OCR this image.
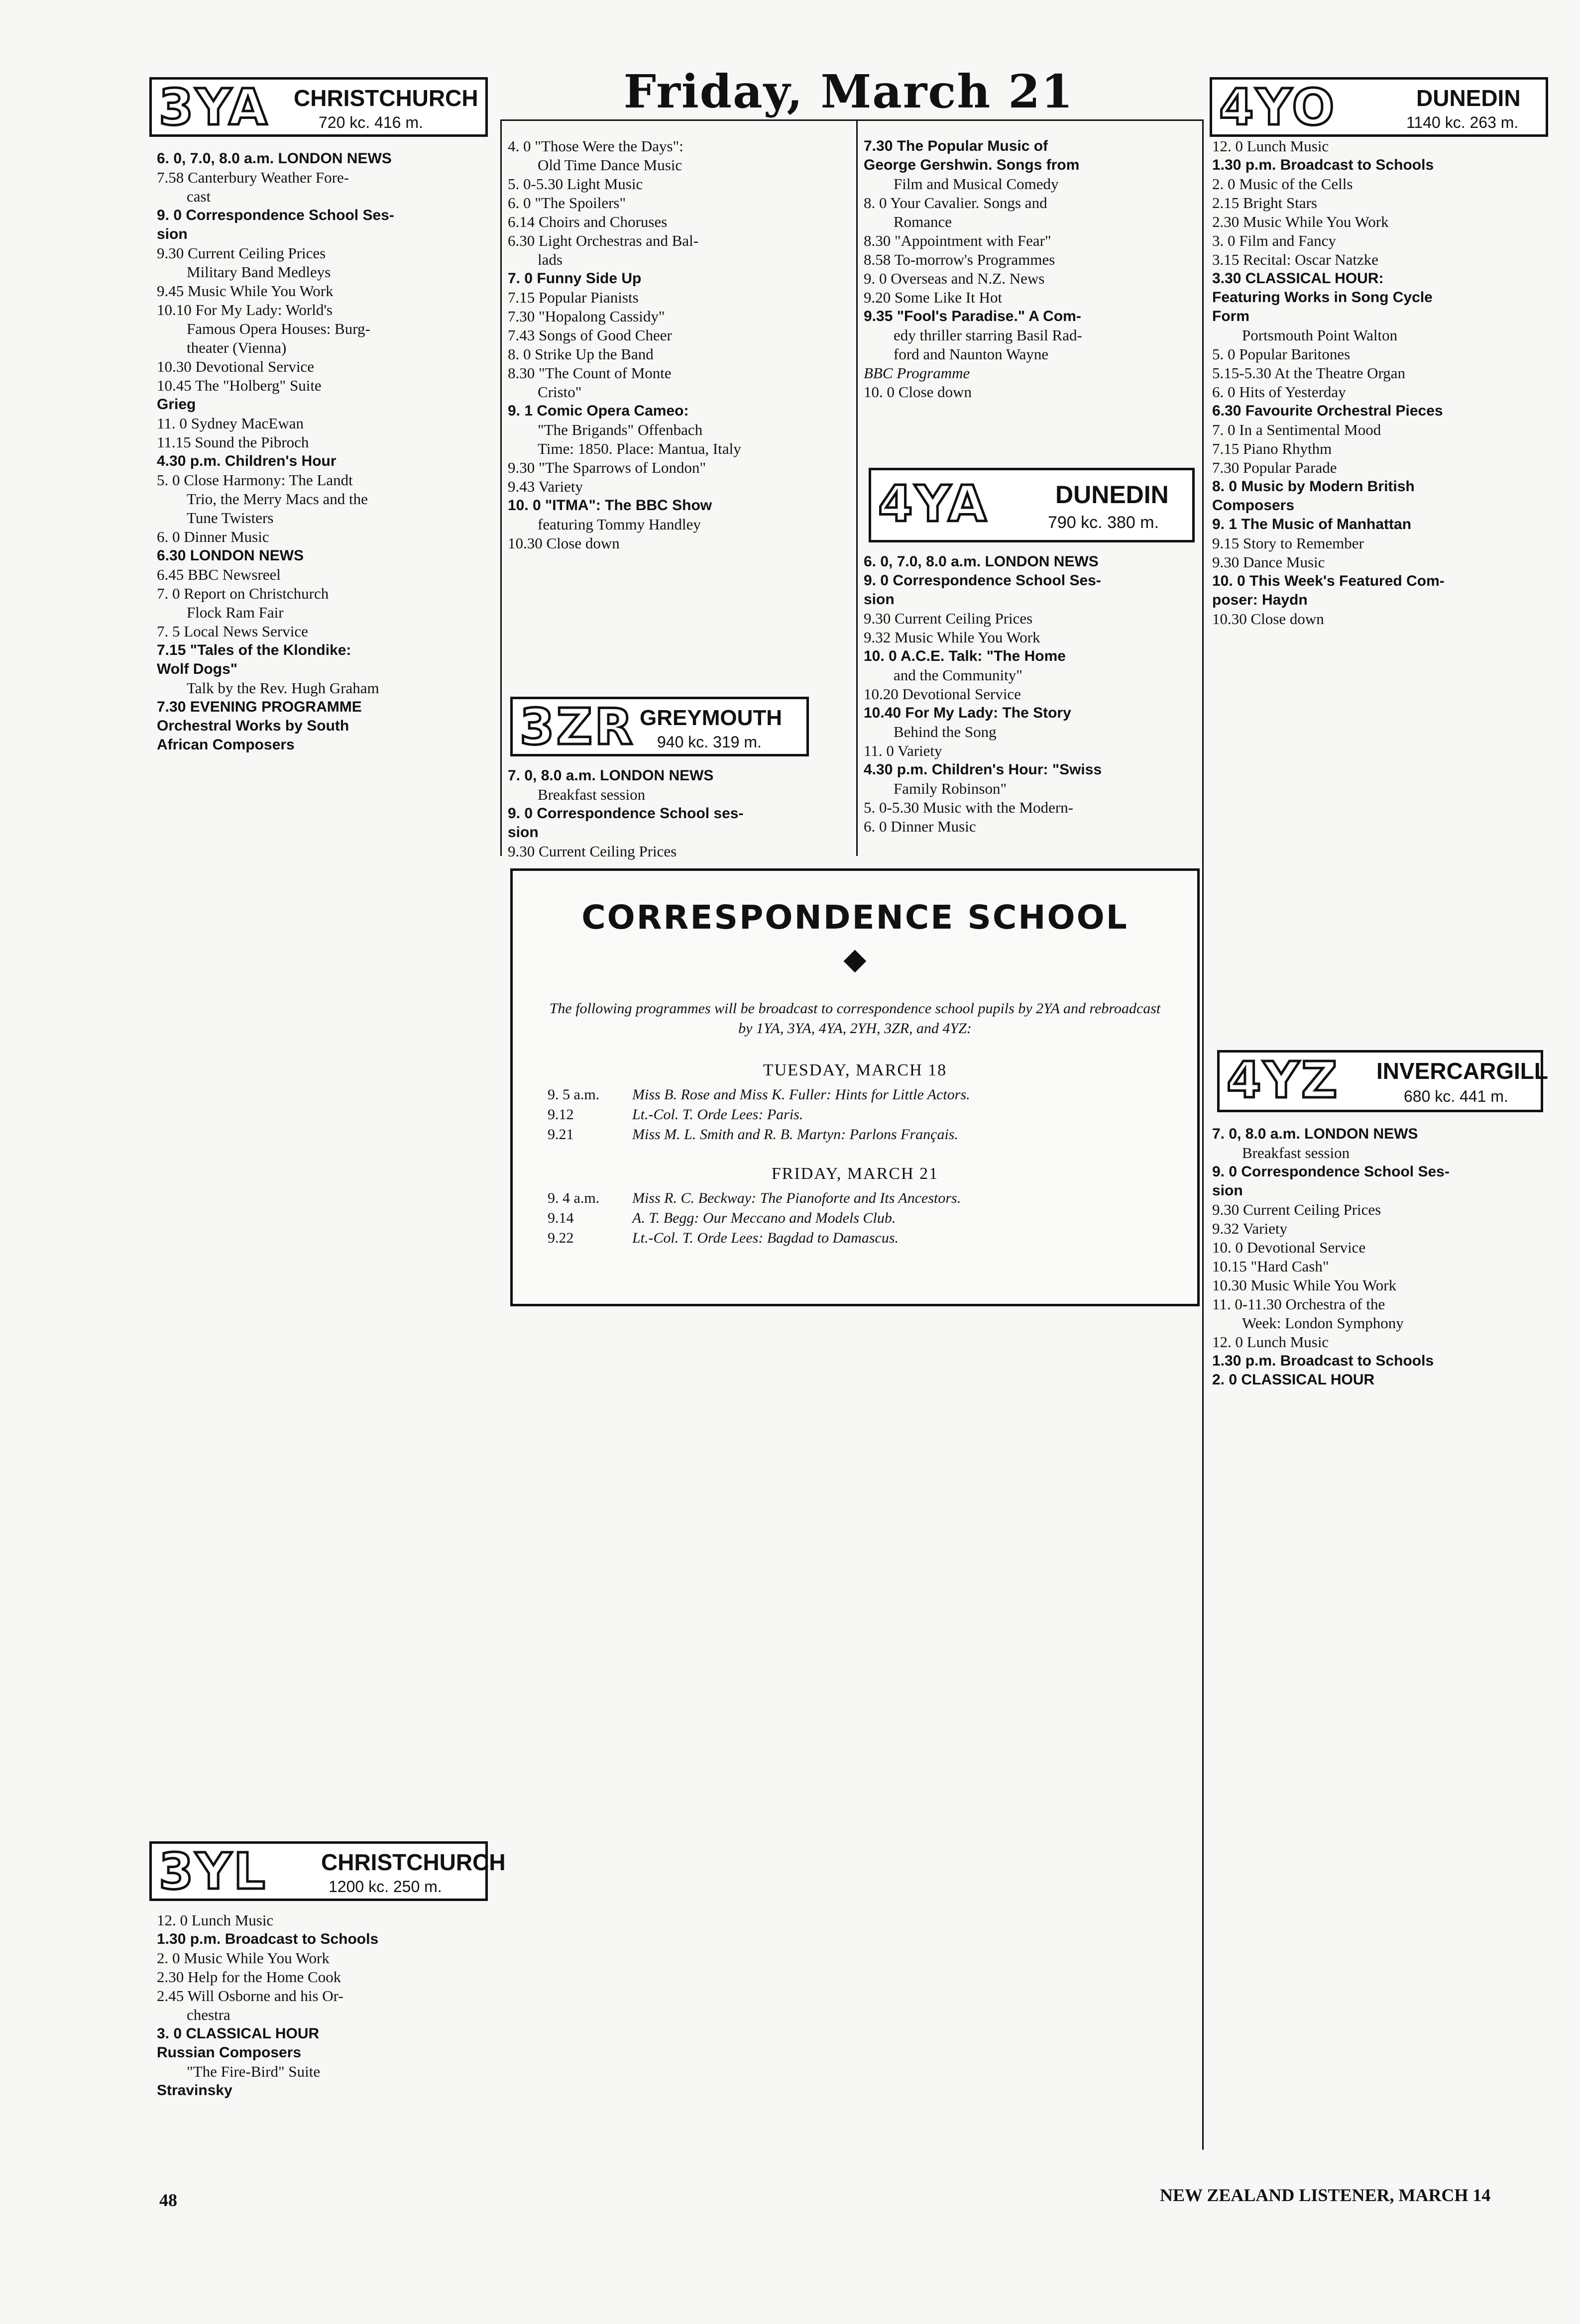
Friday, March 21
3YA CHRISTCHURCH
720 kc. 416 m.	4YO	DUNEDIN
1140 kc. 263 m.
6. 0, 7.0, 8.0 a.m. LONDON NEWS
7.58 Canterbury Weather Fore-
cast
9. 0 Correspondence School Ses-
sion
9.30 Current Ceiling Prices
Military Band Medleys
9.45 Music While You Work
10.10 For My Lady: World's
Famous Opera Houses: Burg-
theater (Vienna)
10.30 Devotional Service
10.45 The "Holberg" Suite
Grieg
11. 0 Sydney MacEwan
11.15 Sound the Pibroch
4.30 p.m. Children's Hour
5. 0 Close Harmony: The Landt
Trio, the Merry Macs and the
Tune Twisters
6. 0 Dinner Music
6.30 LONDON NEWS
6.45 BBC Newsreel
7. 0 Report on Christchurch
Flock Ram Fair
7. 5 Local News Service
7.15 "Tales of the Klondike:
Wolf Dogs"
Talk by the Rev. Hugh Graham
7.30 EVENING PROGRAMME
Orchestral Works by South
African Composers
4. 0 "Those Were the Days":
Old Time Dance Music
5. 0-5.30 Light Music
6. 0 "The Spoilers"
6.14 Choirs and Choruses
6.30 Light Orchestras and Bal-
lads
7. 0 Funny Side Up
7.15 Popular Pianists
7.30 "Hopalong Cassidy"
7.43 Songs of Good Cheer
8. 0 Strike Up the Band
8.30 "The Count of Monte
Cristo"
9. 1 Comic Opera Cameo:
"The Brigands" Offenbach
Time: 1850. Place: Mantua, Italy
9.30 "The Sparrows of London"
9.43 Variety
10. 0 "ITMA": The BBC Show
featuring Tommy Handley
10.30 Close down
3ZR GREYMOUTH
940 kc. 319 m.
7. 0, 8.0 a.m. LONDON NEWS
Breakfast session
9. 0 Correspondence School ses-
sion
9.30 Current Ceiling Prices
7.30 The Popular Music of
George Gershwin. Songs from
Film and Musical Comedy
8. 0 Your Cavalier. Songs and
Romance
8.30 "Appointment with Fear"
8.58 To-morrow's Programmes
9. 0 Overseas and N.Z. News
9.20 Some Like It Hot
9.35 "Fool's Paradise." A Com-
edy thriller starring Basil Rad-
ford and Naunton Wayne
BBC Programme
10. 0 Close down
4YA	DUNEDIN
790 kc. 380 m.
6. 0, 7.0, 8.0 a.m. LONDON NEWS
9. 0 Correspondence School Ses-
sion
9.30 Current Ceiling Prices
9.32 Music While You Work
10. 0 A.C.E. Talk: "The Home
and the Community"
10.20 Devotional Service
10.40 For My Lady: The Story
Behind the Song
11. 0 Variety
4.30 p.m. Children's Hour: "Swiss
Family Robinson"
5. 0-5.30 Music with the Modern-
6. 0 Dinner Music
12. 0 Lunch Music
1.30 p.m. Broadcast to Schools
2. 0 Music of the Cells
2.15 Bright Stars
2.30 Music While You Work
3. 0 Film and Fancy
3.15 Recital: Oscar Natzke
3.30 CLASSICAL HOUR:
Featuring Works in Song Cycle
Form
Portsmouth Point Walton
5. 0 Popular Baritones
5.15-5.30 At the Theatre Organ
6. 0 Hits of Yesterday
6.30 Favourite Orchestral Pieces
7. 0 In a Sentimental Mood
7.15 Piano Rhythm
7.30 Popular Parade
8. 0 Music by Modern British
Composers
9. 1 The Music of Manhattan
9.15 Story to Remember
9.30 Dance Music
10. 0 This Week's Featured Com-
poser: Haydn
10.30 Close down
4YZ INVERCARGILL
680 kc. 441 m.
7. 0, 8.0 a.m. LONDON NEWS
Breakfast session
9. 0 Correspondence School Ses-
sion
9.30 Current Ceiling Prices
9.32 Variety
10. 0 Devotional Service
10.15 "Hard Cash"
10.30 Music While You Work
11. 0-11.30 Orchestra of the
Week: London Symphony
12. 0 Lunch Music
1.30 p.m. Broadcast to Schools
2. 0 CLASSICAL HOUR
CORRESPONDENCE SCHOOL
◆
The following programmes will be broadcast to correspondence school pupils by 2YA and rebroadcast by 1YA, 3YA, 4YA, 2YH, 3ZR, and 4YZ:
TUESDAY, MARCH 18
9. 5 a.m. Miss B. Rose and Miss K. Fuller: Hints for Little Actors.
9.12	Lt.-Col. T. Orde Lees: Paris.
9.21	Miss M. L. Smith and R. B. Martyn: Parlons Français.
FRIDAY, MARCH 21
9. 4 a.m. Miss R. C. Beckway: The Pianoforte and Its Ancestors.
9.14	A. T. Begg: Our Meccano and Models Club.
9.22	Lt.-Col. T. Orde Lees: Bagdad to Damascus.
3YL CHRISTCHURCH
1200 kc. 250 m.
12. 0 Lunch Music
1.30 p.m. Broadcast to Schools
2. 0 Music While You Work
2.30 Help for the Home Cook
2.45 Will Osborne and his Or-
chestra
3. 0 CLASSICAL HOUR
Russian Composers
"The Fire-Bird" Suite
Stravinsky
48	NEW ZEALAND LISTENER, MARCH 14
